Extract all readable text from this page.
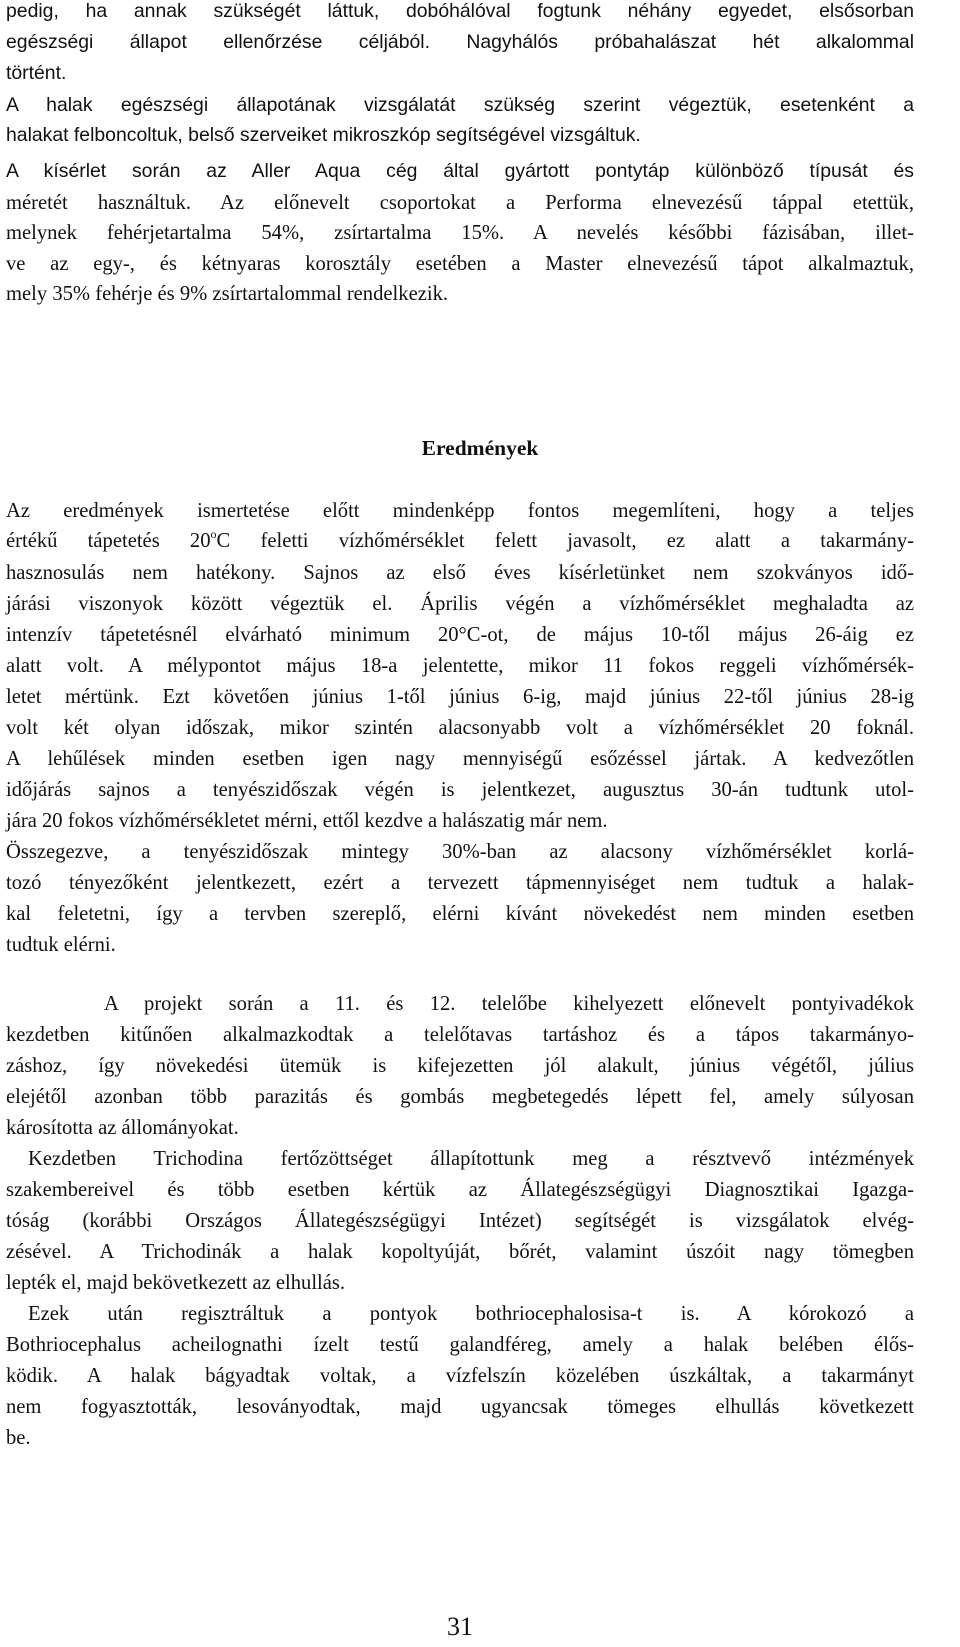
pedig, ha annak szükségét láttuk, dobóhálóval fogtunk néhány egyedet, elsősorban
egészségi állapot ellenőrzése céljából. Nagyhálós próbahalászat hét alkalommal
történt.
A halak egészségi állapotának vizsgálatát szükség szerint végeztük, esetenként a
halakat felboncoltuk, belső szerveiket mikroszkóp segítségével vizsgáltuk.
A kísérlet során az Aller Aqua cég által gyártott pontytáp különböző típusát és
méretét használtuk. Az előnevelt csoportokat a Performa elnevezésű táppal etettük,
melynek fehérjetartalma 54%, zsírtartalma 15%. A nevelés későbbi fázisában, illet-
ve az egy-, és kétnyaras korosztály esetében a Master elnevezésű tápot alkalmaztuk,
mely 35% fehérje és 9% zsírtartalommal rendelkezik.
Eredmények
Az eredmények ismertetése előtt mindenképp fontos megemlíteni, hogy a teljes
értékű tápetetés 20$^o$C feletti vízhőmérséklet felett javasolt, ez alatt a takarmány-
hasznosulás nem hatékony. Sajnos az első éves kísérletünket nem szokványos idő-
járási viszonyok között végeztük el. Április végén a vízhőmérséklet meghaladta az
intenzív tápetetésnél elvárható minimum 20°C-ot, de május 10-től május 26-áig ez
alatt volt. A mélypontot május 18-a jelentette, mikor 11 fokos reggeli vízhőmérsék-
letet mértünk. Ezt követően június 1-től június 6-ig, majd június 22-től június 28-ig
volt két olyan időszak, mikor szintén alacsonyabb volt a vízhőmérséklet 20 foknál.
A lehűlések minden esetben igen nagy mennyiségű esőzéssel jártak. A kedvezőtlen
időjárás sajnos a tenyészidőszak végén is jelentkezet, augusztus 30-án tudtunk utol-
jára 20 fokos vízhőmérsékletet mérni, ettől kezdve a halászatig már nem.
Összegezve, a tenyészidőszak mintegy 30%-ban az alacsony vízhőmérséklet korlá-
tozó tényezőként jelentkezett, ezért a tervezett tápmennyiséget nem tudtuk a halak-
kal feletetni, így a tervben szereplő, elérni kívánt növekedést nem minden esetben
tudtuk elérni.
A projekt során a 11. és 12. telelőbe kihelyezett előnevelt pontyivadékok
kezdetben kitűnően alkalmazkodtak a telelőtavas tartáshoz és a tápos takarmányo-
záshoz, így növekedési ütemük is kifejezetten jól alakult, június végétől, július
elejétől azonban több parazitás és gombás megbetegedés lépett fel, amely súlyosan
károsította az állományokat.
Kezdetben Trichodina fertőzöttséget állapítottunk meg a résztvevő intézmények
szakembereivel és több esetben kértük az Állategészségügyi Diagnosztikai Igazga-
tóság (korábbi Országos Állategészségügyi Intézet) segítségét is vizsgálatok elvég-
zésével. A Trichodinák a halak kopoltyúját, bőrét, valamint úszóit nagy tömegben
lepték el, majd bekövetkezett az elhullás.
Ezek után regisztráltuk a pontyok bothriocephalosisa-t is. A kórokozó a
Bothriocephalus acheilognathi ízelt testű galandféreg, amely a halak belében élős-
ködik. A halak bágyadtak voltak, a vízfelszín közelében úszkáltak, a takarmányt
nem fogyasztották, lesoványodtak, majd ugyancsak tömeges elhullás következett
be.
31
